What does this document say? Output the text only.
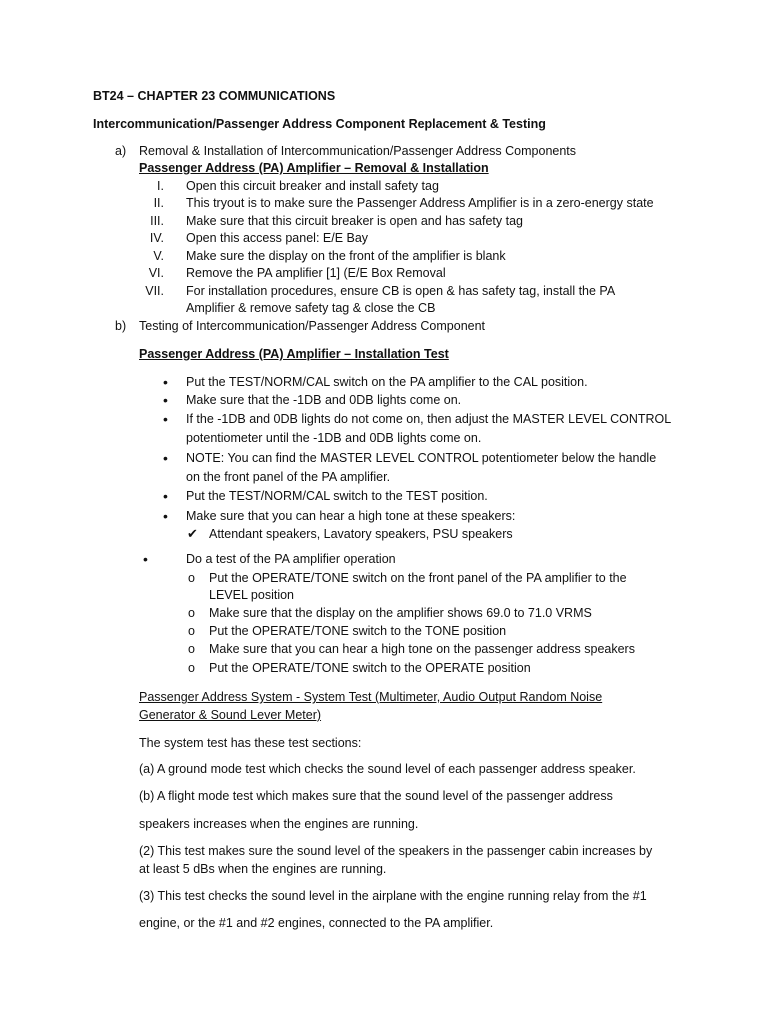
BT24 – CHAPTER 23 COMMUNICATIONS
Intercommunication/Passenger Address Component Replacement & Testing
a) Removal & Installation of Intercommunication/Passenger Address Components
Passenger Address (PA) Amplifier – Removal & Installation
I. Open this circuit breaker and install safety tag
II. This tryout is to make sure the Passenger Address Amplifier is in a zero-energy state
III. Make sure that this circuit breaker is open and has safety tag
IV. Open this access panel: E/E Bay
V. Make sure the display on the front of the amplifier is blank
VI. Remove the PA amplifier [1] (E/E Box Removal
VII. For installation procedures, ensure CB is open & has safety tag, install the PA
Amplifier & remove safety tag & close the CB
b) Testing of Intercommunication/Passenger Address Component
Passenger Address (PA) Amplifier – Installation Test
• Put the TEST/NORM/CAL switch on the PA amplifier to the CAL position.
• Make sure that the -1DB and 0DB lights come on.
• If the -1DB and 0DB lights do not come on, then adjust the MASTER LEVEL CONTROL
potentiometer until the -1DB and 0DB lights come on.
• NOTE: You can find the MASTER LEVEL CONTROL potentiometer below the handle
on the front panel of the PA amplifier.
• Put the TEST/NORM/CAL switch to the TEST position.
• Make sure that you can hear a high tone at these speakers:
✔ Attendant speakers, Lavatory speakers, PSU speakers
•	Do a test of the PA amplifier operation
o Put the OPERATE/TONE switch on the front panel of the PA amplifier to the
LEVEL position
o Make sure that the display on the amplifier shows 69.0 to 71.0 VRMS
o Put the OPERATE/TONE switch to the TONE position
o Make sure that you can hear a high tone on the passenger address speakers
o Put the OPERATE/TONE switch to the OPERATE position
Passenger Address System - System Test (Multimeter, Audio Output Random Noise
Generator & Sound Lever Meter)
The system test has these test sections:
(a) A ground mode test which checks the sound level of each passenger address speaker.
(b) A flight mode test which makes sure that the sound level of the passenger address
speakers increases when the engines are running.
(2) This test makes sure the sound level of the speakers in the passenger cabin increases by
at least 5 dBs when the engines are running.
(3) This test checks the sound level in the airplane with the engine running relay from the #1
engine, or the #1 and #2 engines, connected to the PA amplifier.
